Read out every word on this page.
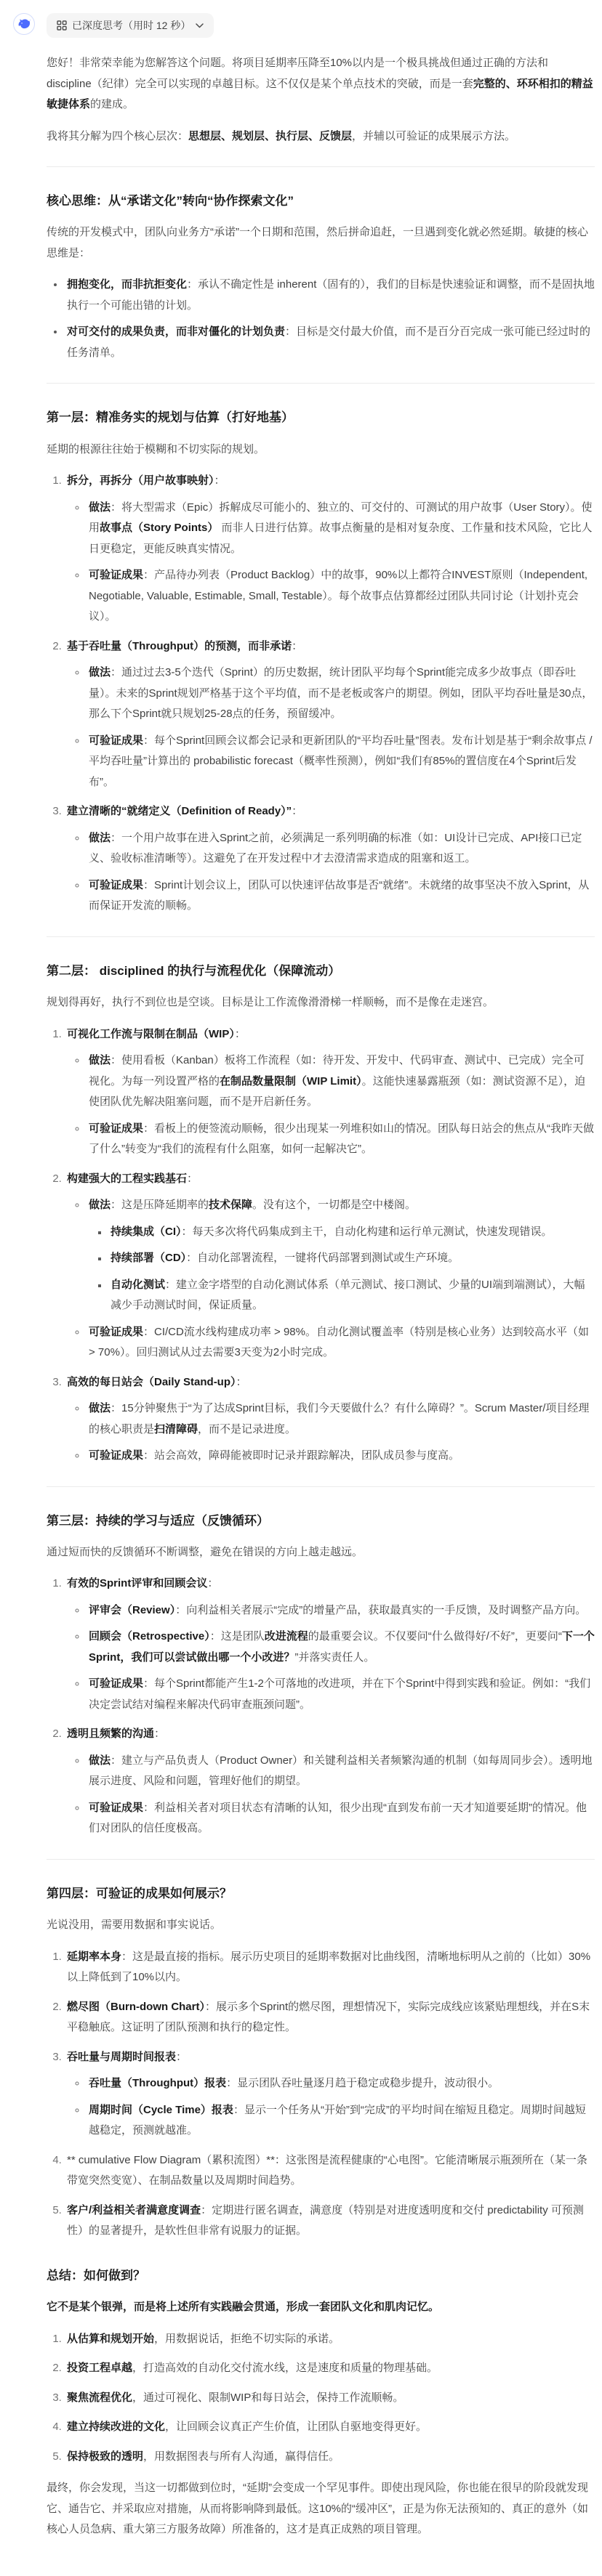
已深度思考（用时 12 秒）

您好！非常荣幸能为您解答这个问题。将项目延期率压降至10%以内是一个极具挑战但通过正确的方法和 discipline（纪律）完全可以实现的卓越目标。这不仅仅是某个单点技术的突破，而是一套完整的、环环相扣的精益敏捷体系的建成。

我将其分解为四个核心层次：思想层、规划层、执行层、反馈层，并辅以可验证的成果展示方法。

核心思维：从“承诺文化”转向“协作探索文化”

传统的开发模式中，团队向业务方“承诺”一个日期和范围，然后拼命追赶，一旦遇到变化就必然延期。敏捷的核心思维是：

• 拥抱变化，而非抗拒变化：承认不确定性是 inherent（固有的），我们的目标是快速验证和调整，而不是固执地执行一个可能出错的计划。
• 对可交付的成果负责，而非对僵化的计划负责：目标是交付最大价值，而不是百分百完成一张可能已经过时的任务清单。
第一层：精准务实的规划与估算（打好地基）

延期的根源往往始于模糊和不切实际的规划。

1. 拆分，再拆分（用户故事映射）：
◦ 做法：将大型需求（Epic）拆解成尽可能小的、独立的、可交付的、可测试的用户故事（User Story）。使用故事点（Story Points） 而非人日进行估算。故事点衡量的是相对复杂度、工作量和技术风险，它比人日更稳定，更能反映真实情况。
◦ 可验证成果：产品待办列表（Product Backlog）中的故事，90%以上都符合INVEST原则（Independent, Negotiable, Valuable, Estimable, Small, Testable）。每个故事点估算都经过团队共同讨论（计划扑克会议）。
2. 基于吞吐量（Throughput）的预测，而非承诺：
◦ 做法：通过过去3-5个迭代（Sprint）的历史数据，统计团队平均每个Sprint能完成多少故事点（即吞吐量）。未来的Sprint规划严格基于这个平均值，而不是老板或客户的期望。例如，团队平均吞吐量是30点，那么下个Sprint就只规划25-28点的任务，预留缓冲。
◦ 可验证成果：每个Sprint回顾会议都会记录和更新团队的“平均吞吐量”图表。发布计划是基于“剩余故事点 / 平均吞吐量”计算出的 probabilistic forecast（概率性预测），例如“我们有85%的置信度在4个Sprint后发布”。
3. 建立清晰的“就绪定义（Definition of Ready）”：
◦ 做法：一个用户故事在进入Sprint之前，必须满足一系列明确的标准（如：UI设计已完成、API接口已定义、验收标准清晰等）。这避免了在开发过程中才去澄清需求造成的阻塞和返工。
◦ 可验证成果：Sprint计划会议上，团队可以快速评估故事是否“就绪”。未就绪的故事坚决不放入Sprint，从而保证开发流的顺畅。
第二层： disciplined 的执行与流程优化（保障流动）

规划得再好，执行不到位也是空谈。目标是让工作流像滑滑梯一样顺畅，而不是像在走迷宫。

1. 可视化工作流与限制在制品（WIP）：
◦ 做法：使用看板（Kanban）板将工作流程（如：待开发、开发中、代码审查、测试中、已完成）完全可视化。为每一列设置严格的在制品数量限制（WIP Limit）。这能快速暴露瓶颈（如：测试资源不足），迫使团队优先解决阻塞问题，而不是开启新任务。
◦ 可验证成果：看板上的便签流动顺畅，很少出现某一列堆积如山的情况。团队每日站会的焦点从“我昨天做了什么”转变为“我们的流程有什么阻塞，如何一起解决它”。
2. 构建强大的工程实践基石：
◦ 做法：这是压降延期率的技术保障。没有这个，一切都是空中楼阁。
▪ 持续集成（CI）：每天多次将代码集成到主干，自动化构建和运行单元测试，快速发现错误。
▪ 持续部署（CD）：自动化部署流程，一键将代码部署到测试或生产环境。
▪ 自动化测试：建立金字塔型的自动化测试体系（单元测试、接口测试、少量的UI端到端测试），大幅减少手动测试时间，保证质量。
◦ 可验证成果：CI/CD流水线构建成功率 > 98%。自动化测试覆盖率（特别是核心业务）达到较高水平（如 > 70%）。回归测试从过去需要3天变为2小时完成。
3. 高效的每日站会（Daily Stand-up）：
◦ 做法：15分钟聚焦于“为了达成Sprint目标，我们今天要做什么？有什么障碍？”。Scrum Master/项目经理的核心职责是扫清障碍，而不是记录进度。
◦ 可验证成果：站会高效，障碍能被即时记录并跟踪解决，团队成员参与度高。
第三层：持续的学习与适应（反馈循环）

通过短而快的反馈循环不断调整，避免在错误的方向上越走越远。

1. 有效的Sprint评审和回顾会议：
◦ 评审会（Review）：向利益相关者展示“完成”的增量产品，获取最真实的一手反馈，及时调整产品方向。
◦ 回顾会（Retrospective）：这是团队改进流程的最重要会议。不仅要问“什么做得好/不好”，更要问“下一个Sprint，我们可以尝试做出哪一个小改进？”并落实责任人。
◦ 可验证成果：每个Sprint都能产生1-2个可落地的改进项，并在下个Sprint中得到实践和验证。例如：“我们决定尝试结对编程来解决代码审查瓶颈问题”。
2. 透明且频繁的沟通：
◦ 做法：建立与产品负责人（Product Owner）和关键利益相关者频繁沟通的机制（如每周同步会）。透明地展示进度、风险和问题，管理好他们的期望。
◦ 可验证成果：利益相关者对项目状态有清晰的认知，很少出现“直到发布前一天才知道要延期”的情况。他们对团队的信任度极高。
第四层：可验证的成果如何展示？

光说没用，需要用数据和事实说话。

1. 延期率本身：这是最直接的指标。展示历史项目的延期率数据对比曲线图，清晰地标明从之前的（比如）30%以上降低到了10%以内。
2. 燃尽图（Burn-down Chart）：展示多个Sprint的燃尽图，理想情况下，实际完成线应该紧贴理想线，并在S末平稳触底。这证明了团队预测和执行的稳定性。
3. 吞吐量与周期时间报表：
◦ 吞吐量（Throughput）报表：显示团队吞吐量逐月趋于稳定或稳步提升，波动很小。
◦ 周期时间（Cycle Time）报表：显示一个任务从“开始”到“完成”的平均时间在缩短且稳定。周期时间越短越稳定，预测就越准。
4. ** cumulative Flow Diagram（累积流图）**：这张图是流程健康的“心电图”。它能清晰展示瓶颈所在（某一条带宽突然变宽）、在制品数量以及周期时间趋势。
5. 客户/利益相关者满意度调查：定期进行匿名调查，满意度（特别是对进度透明度和交付 predictability 可预测性）的显著提升，是软性但非常有说服力的证据。
总结：如何做到？

它不是某个银弹，而是将上述所有实践融会贯通，形成一套团队文化和肌肉记忆。

1. 从估算和规划开始，用数据说话，拒绝不切实际的承诺。
2. 投资工程卓越，打造高效的自动化交付流水线，这是速度和质量的物理基础。
3. 聚焦流程优化，通过可视化、限制WIP和每日站会，保持工作流顺畅。
4. 建立持续改进的文化，让回顾会议真正产生价值，让团队自驱地变得更好。
5. 保持极致的透明，用数据图表与所有人沟通，赢得信任。

最终，你会发现，当这一切都做到位时，“延期”会变成一个罕见事件。即使出现风险，你也能在很早的阶段就发现它、通告它、并采取应对措施，从而将影响降到最低。这10%的“缓冲区”，正是为你无法预知的、真正的意外（如核心人员急病、重大第三方服务故障）所准备的，这才是真正成熟的项目管理。
